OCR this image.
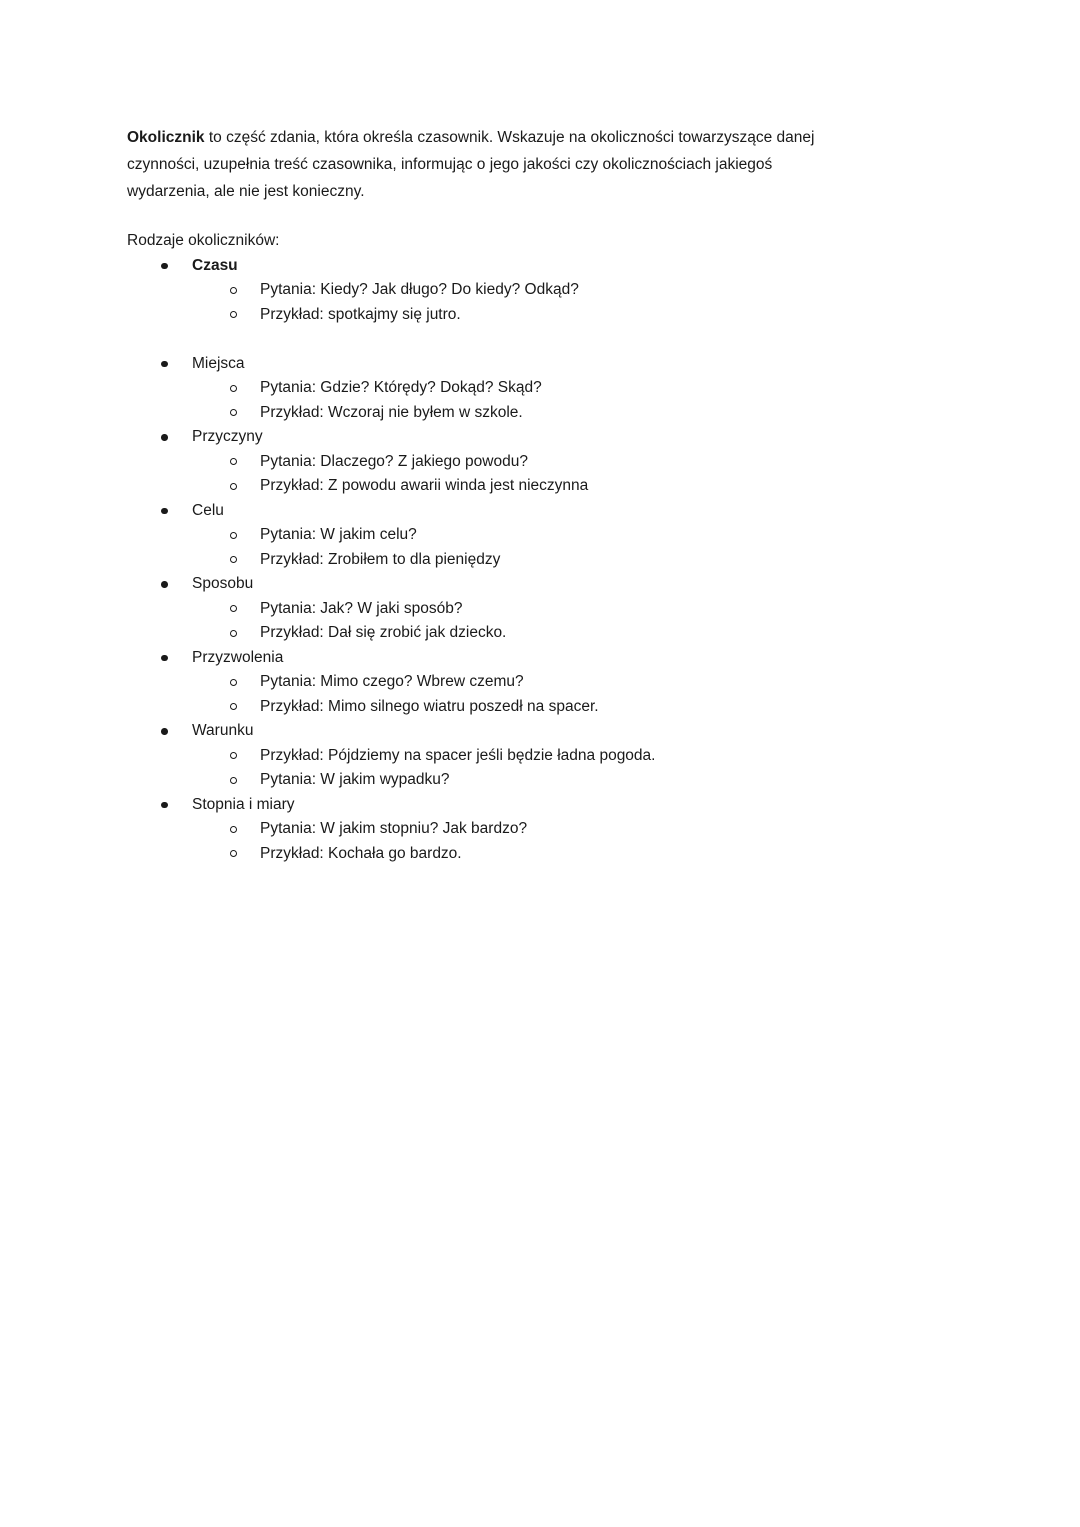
Okolicznik to część zdania, która określa czasownik. Wskazuje na okoliczności towarzyszące danej
czynności, uzupełnia treść czasownika, informując o jego jakości czy okolicznościach jakiegoś
wydarzenia, ale nie jest konieczny.

Rodzaje okoliczników:

Czasu
Pytania: Kiedy? Jak długo? Do kiedy? Odkąd?
Przykład: spotkajmy się jutro.
Miejsca
Pytania: Gdzie? Którędy? Dokąd? Skąd?
Przykład: Wczoraj nie byłem w szkole.
Przyczyny
Pytania: Dlaczego? Z jakiego powodu?
Przykład: Z powodu awarii winda jest nieczynna
Celu
Pytania: W jakim celu?
Przykład: Zrobiłem to dla pieniędzy
Sposobu
Pytania: Jak? W jaki sposób?
Przykład: Dał się zrobić jak dziecko.
Przyzwolenia
Pytania: Mimo czego? Wbrew czemu?
Przykład: Mimo silnego wiatru poszedł na spacer.
Warunku
Przykład: Pójdziemy na spacer jeśli będzie ładna pogoda.
Pytania: W jakim wypadku?
Stopnia i miary
Pytania: W jakim stopniu? Jak bardzo?
Przykład: Kochała go bardzo.
